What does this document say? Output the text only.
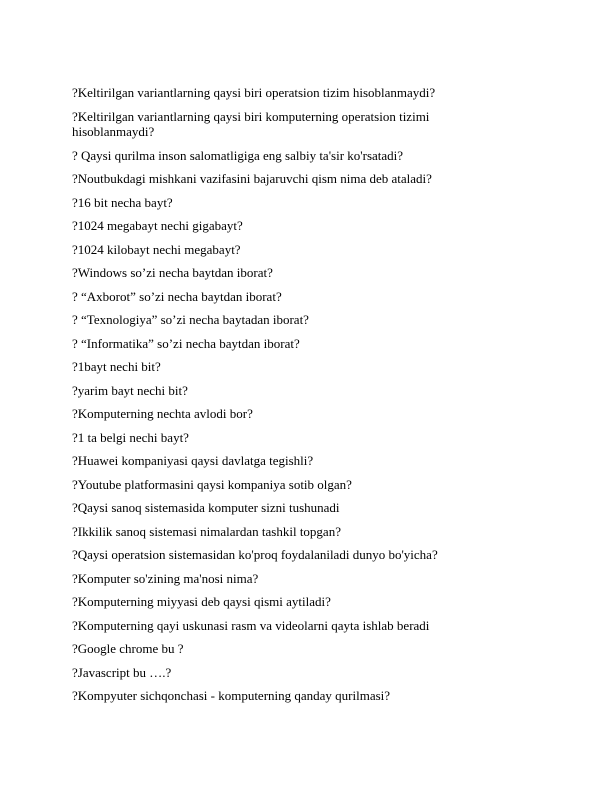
?Keltirilgan variantlarning qaysi biri operatsion tizim hisoblanmaydi?
?Keltirilgan variantlarning qaysi biri komputerning operatsion tizimi hisoblanmaydi?
? Qaysi qurilma inson salomatligiga eng salbiy ta'sir ko'rsatadi?
?Noutbukdagi mishkani vazifasini bajaruvchi qism nima deb ataladi?
?16 bit necha bayt?
?1024 megabayt nechi gigabayt?
?1024 kilobayt nechi megabayt?
?Windows so’zi necha baytdan iborat?
? “Axborot” so’zi necha baytdan iborat?
? “Texnologiya” so’zi necha baytadan iborat?
? “Informatika” so’zi necha baytdan iborat?
?1bayt nechi bit?
?yarim bayt nechi bit?
?Komputerning nechta avlodi bor?
?1 ta belgi nechi bayt?
?Huawei kompaniyasi qaysi davlatga tegishli?
?Youtube platformasini qaysi kompaniya sotib olgan?
?Qaysi sanoq sistemasida komputer sizni tushunadi
?Ikkilik sanoq sistemasi nimalardan tashkil topgan?
?Qaysi operatsion sistemasidan ko'proq foydalaniladi dunyo bo'yicha?
?Komputer so'zining ma'nosi nima?
?Komputerning miyyasi deb qaysi qismi aytiladi?
?Komputerning qayi uskunasi rasm va videolarni qayta ishlab beradi
?Google chrome bu ?
?Javascript bu ….?
?Kompyuter sichqonchasi - komputerning qanday qurilmasi?
